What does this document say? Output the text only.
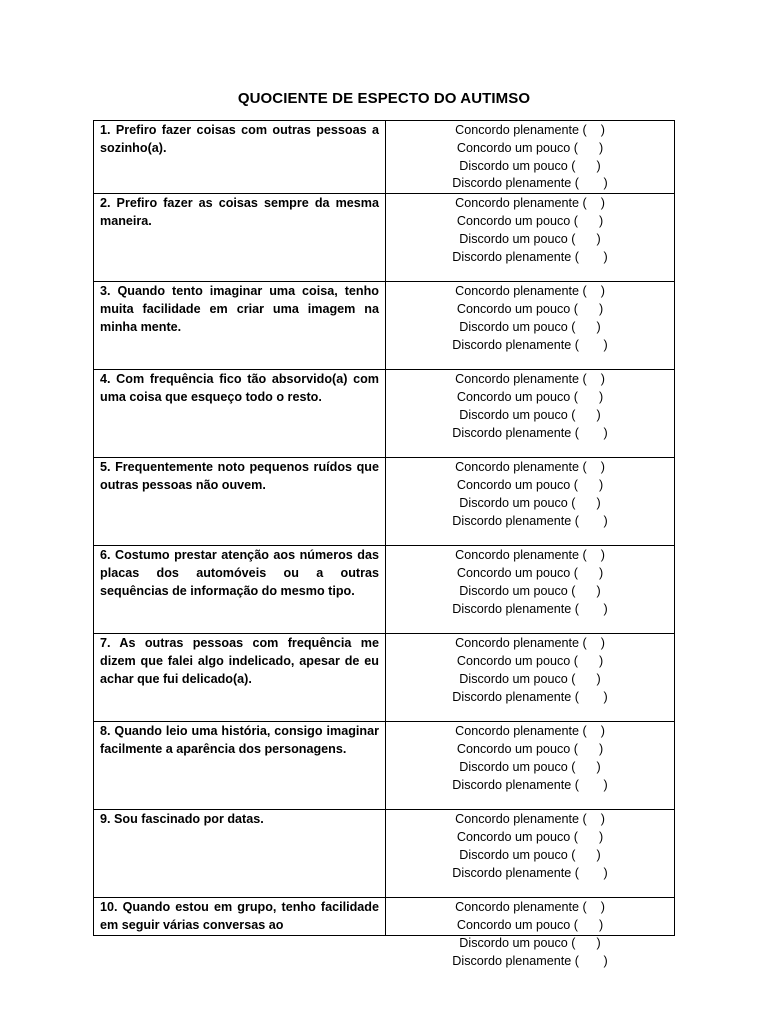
QUOCIENTE DE ESPECTO DO AUTIMSO
1. Prefiro fazer coisas com outras pessoas a sozinho(a).	Concordo plenamente (    )
Concordo um pouco (      )
Discordo um pouco (      )
Discordo plenamente (       )

2. Prefiro fazer as coisas sempre da mesma maneira.	Concordo plenamente (    )
Concordo um pouco (      )
Discordo um pouco (      )
Discordo plenamente (       )

3. Quando tento imaginar uma coisa, tenho muita facilidade em criar uma imagem na minha mente.	Concordo plenamente (    )
Concordo um pouco (      )
Discordo um pouco (      )
Discordo plenamente (       )

4. Com frequência fico tão absorvido(a) com uma coisa que esqueço todo o resto.	Concordo plenamente (    )
Concordo um pouco (      )
Discordo um pouco (      )
Discordo plenamente (       )

5. Frequentemente noto pequenos ruídos que outras pessoas não ouvem.	Concordo plenamente (    )
Concordo um pouco (      )
Discordo um pouco (      )
Discordo plenamente (       )

6. Costumo prestar atenção aos números das placas dos automóveis ou a outras sequências de informação do mesmo tipo.	Concordo plenamente (    )
Concordo um pouco (      )
Discordo um pouco (      )
Discordo plenamente (       )

7. As outras pessoas com frequência me dizem que falei algo indelicado, apesar de eu achar que fui delicado(a).	Concordo plenamente (    )
Concordo um pouco (      )
Discordo um pouco (      )
Discordo plenamente (       )

8. Quando leio uma história, consigo imaginar facilmente a aparência dos personagens.	Concordo plenamente (    )
Concordo um pouco (      )
Discordo um pouco (      )
Discordo plenamente (       )

9. Sou fascinado por datas.	Concordo plenamente (    )
Concordo um pouco (      )
Discordo um pouco (      )
Discordo plenamente (       )

10. Quando estou em grupo, tenho facilidade em seguir várias conversas ao	Concordo plenamente (    )
Concordo um pouco (      )
Discordo um pouco (      )
Discordo plenamente (       )
